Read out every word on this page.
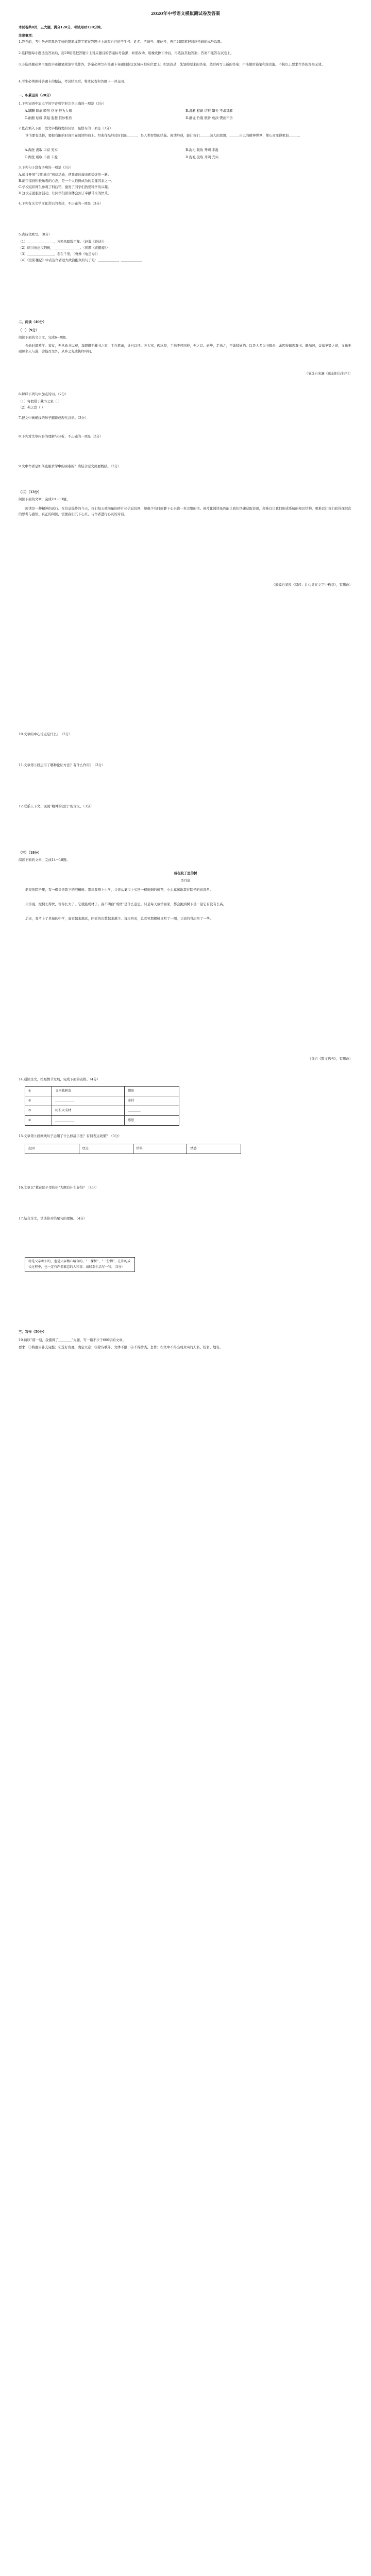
2020年中考语文模拟测试卷及答案

本试卷共8页，五大题，满分120分，考试用时120分钟。

注意事项：

1.答卷前，考生务必用黑色字迹的钢笔或签字笔在答题卡上填写自己的考生号、姓名、考场号、座位号，再用2B铅笔把对应号码的标号涂黑。

2.选择题每小题选出答案后，用2B铅笔把答题卡上对应题目的答案标号涂黑；如需改动，用橡皮擦干净后，再选涂其他答案；答案不能答在试卷上。

3.非选择题必须用黑色字迹钢笔或签字笔作答，答案必须写在答题卡各题目指定区域内相应位置上；如需改动，先划掉原来的答案，然后再写上新的答案；不准使用铅笔和涂改液。不按以上要求作答的答案无效。

4.考生必须保持答题卡的整洁，考试结束后，将本试卷和答题卡一并交回。

一、积累运用（20分）

1.下列词语中加点字的字音和字形完全正确的一项是（3分）

A.蹒跚 肆虐 畸形 恪守 鲜为人知	B.澄澈 慰藉 诘难 擎天 不求甚解
C.酝酿 炫耀 狭隘 遐想 惟妙惟肖	D.静谧 竹篾 骸骨 亵渎 锲而不舍

2.依次填入下面一段文字横线处的词语，最恰当的一项是（3分）

读书要有选择，要把有限的时间用在阅读经典上。经典作品经过时间的＿＿＿，是人类智慧的结晶。阅读经典，能让我们＿＿＿前人的思想，＿＿＿自己的精神世界，使心灵变得更加＿＿＿。

A.淘洗 汲取 丰富 充实	B.洗礼 吸收 开阔 丰盈
C.淘洗 吸收 丰富 丰盈	D.洗礼 汲取 开阔 充实

3.下列句子没有语病的一项是（3分）

A.通过开展“文明城市”创建活动，使我市的城市面貌焕然一新。

B.能否保持积极乐观的心态，是一个人取得成功的关键因素之一。

C.学校组织师生参观了科技馆，激发了同学们热爱科学的兴趣。

D.这次志愿服务活动，让同学们深刻体会到了奉献带来的快乐。

4.下列有关文学文化常识的表述，不正确的一项是（3分）

5.古诗文默写。（8分）

（1）＿＿＿＿＿＿＿＿，各领风骚数百年。（赵翼《论诗》）

（2）晴川历历汉阳树，＿＿＿＿＿＿＿＿。（崔颢《黄鹤楼》）

（3）＿＿＿＿＿＿＿＿，志在千里。（曹操《龟虽寿》）

（4）《岳阳楼记》中表达作者远大政治抱负的句子是：＿＿＿＿＿＿，＿＿＿＿＿＿。

二、阅读（40分）

（一）（9分）

阅读下面的文言文，完成6～9题。

余幼时即嗜学。家贫，无从致书以观，每假借于藏书之家，手自笔录，计日以还。天大寒，砚冰坚，手指不可屈伸，弗之怠。录毕，走送之，不敢稍逾约。以是人多以书假余，余因得遍观群书。既加冠，益慕圣贤之道，又患无硕师名人与游，尝趋百里外，从乡之先达执经叩问。

（节选自宋濂《送东阳马生序》）

6.解释下列句中加点的词。（2分）

（1）每假借于藏书之家（ ）

（2）弗之怠（ ）

7.把文中画横线的句子翻译成现代汉语。（3分）

8.下列对文章内容的理解与分析，不正确的一项是（2分）

9.文中作者是如何克服求学中的困难的？请结合原文简要概括。（2分）

（二）（13分）

阅读下面的文章，完成10～13题。

阅读是一种精神的远行。在信息爆炸的今天，我们每天被海量的碎片化信息包围，却很少有时间静下心来读一本完整的书。碎片化阅读虽然能让我们快速获取资讯，却难以让我们形成系统的知识结构，更难以让我们获得深层次的思考与感悟。真正的阅读，需要我们沉下心来，与作者进行心灵的对话。

（摘编自某报《阅读：让心灵在文字中栖息》，有删改）

10.文章的中心论点是什么？（2分）

11.文章第③段运用了哪种论证方法？有什么作用？（3分）

12.联系上下文，说说“精神的远行”的含义。（3分）

（三）（18分）

阅读下面的文章，完成14～18题。

栽在院子里的树
李丹崖

老家的院子里，有一棵父亲栽下的泡桐树。那年我刚上小学，父亲从集市上买回一棵细细的树苗，小心翼翼地栽在院子的东南角。

父亲说，泡桐长得快，等你长大了，它就能成材了。我不明白“成材”是什么意思，只是每天放学回家，都会跑到树下量一量它有没有长高。

后来，我考上了县城的中学，离家越来越远，回家的次数越来越少。每次回来，总看见那棵树又粗了一圈，父亲的背却弯了一些。

（选自《散文选刊》，有删改）

14.通读全文，按照情节发展，完成下面的表格。（4分）

①	父亲栽树苗	期盼
②	＿＿＿＿＿＿	牵挂
③	树长大成材	＿＿＿＿
④	＿＿＿＿＿＿	感恩

15.文章第⑤段画线句子运用了什么修辞手法？有何表达效果？（3分）

起因	经过	结果	情感

16.文章以“栽在院子里的树”为题有什么好处？（4分）

17.结合全文，谈谈你对结尾句的理解。（4分）

树是父亲种下的，也是父亲精心培育的。“一棵树”，“一份情”。在你的成长过程中，也一定有许多难忘的人和事，请联系生活写一写。（3分）

三、写作（50分）

19.请以“那一刻，我懂得了＿＿＿＿”为题，写一篇不少于600字的文章。

要求：①将题目补充完整；②选好角度，确定立意；③除诗歌外，文体不限；④不得抄袭、套作；⑤文中不得出现真实的人名、校名、地名。
